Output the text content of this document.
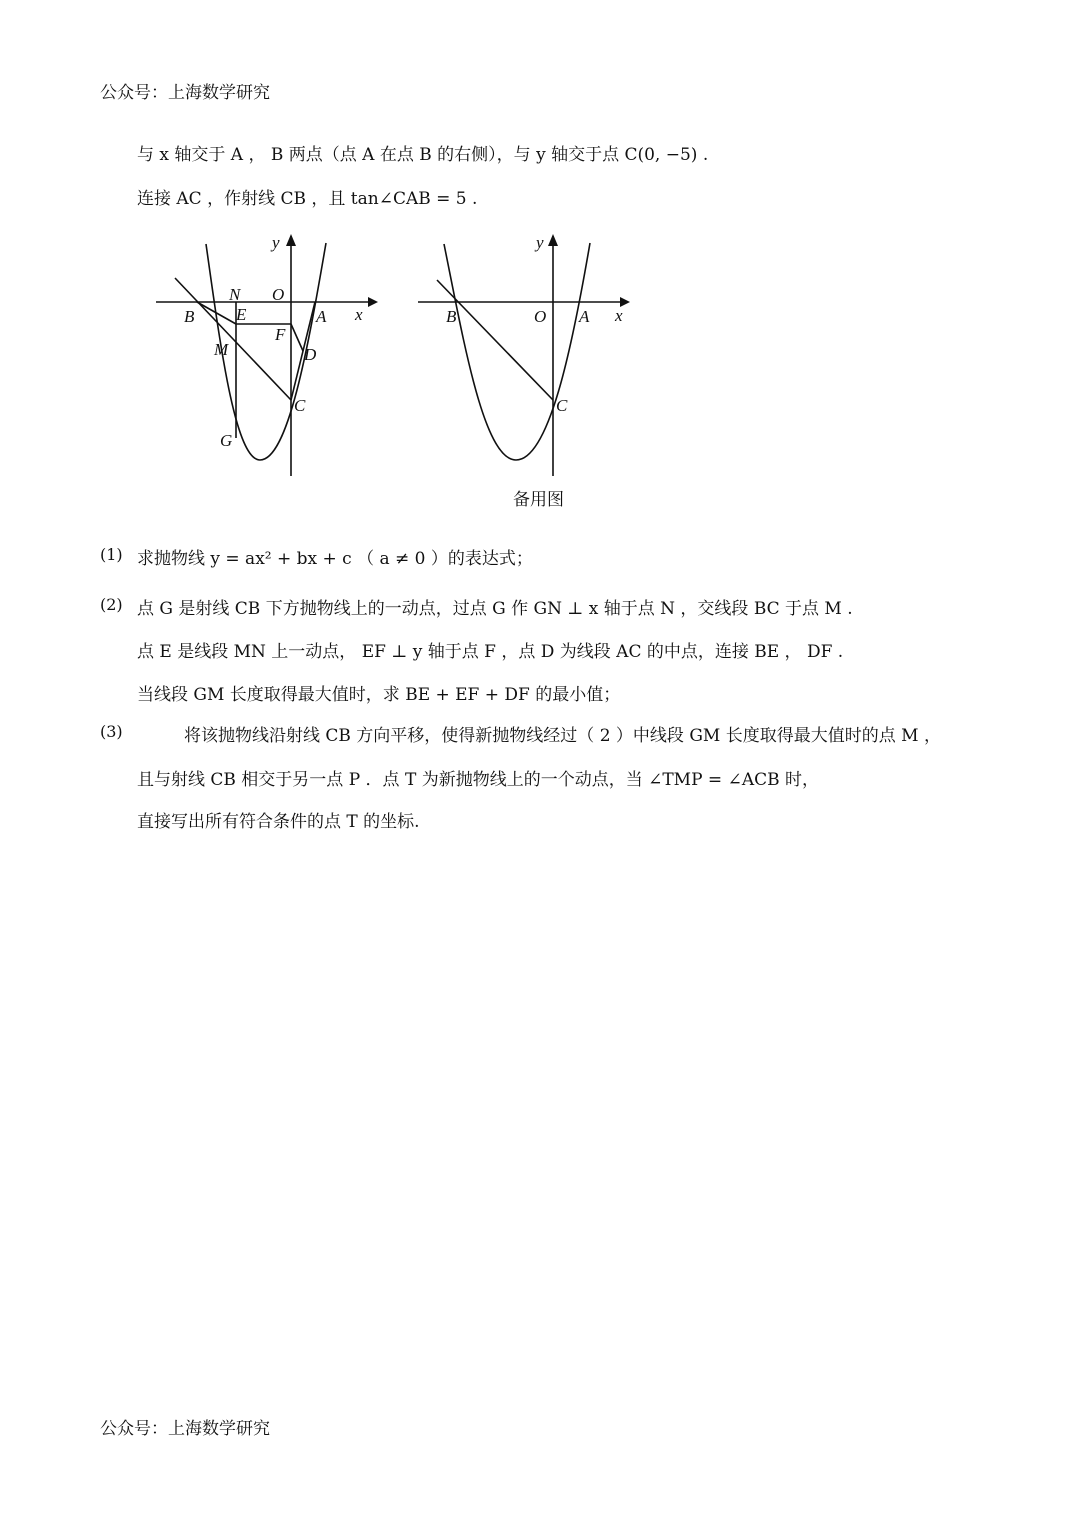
公众号：上海数学研究
与 x 轴交于 A ， B 两点（点 A 在点 B 的右侧），与 y 轴交于点 C(0, −5) .
连接 AC ，作射线 CB ，且 tan∠CAB = 5 .
y
x
N O
B E	A
F
M	D
C
G
y
x
B	O A
C
备用图
(1) 求抛物线 y = ax² + bx + c （ a ≠ 0 ）的表达式；
(2) 点 G 是射线 CB 下方抛物线上的一动点，过点 G 作 GN ⊥ x 轴于点 N ，交线段 BC 于点 M .
点 E 是线段 MN 上一动点， EF ⊥ y 轴于点 F ，点 D 为线段 AC 的中点，连接 BE ， DF .
当线段 GM 长度取得最大值时，求 BE + EF + DF 的最小值；
(3)	将该抛物线沿射线 CB 方向平移，使得新抛物线经过（ 2 ）中线段 GM 长度取得最大值时的点 M ，
且与射线 CB 相交于另一点 P ．点 T 为新抛物线上的一个动点，当 ∠TMP = ∠ACB 时，
直接写出所有符合条件的点 T 的坐标.
公众号：上海数学研究
